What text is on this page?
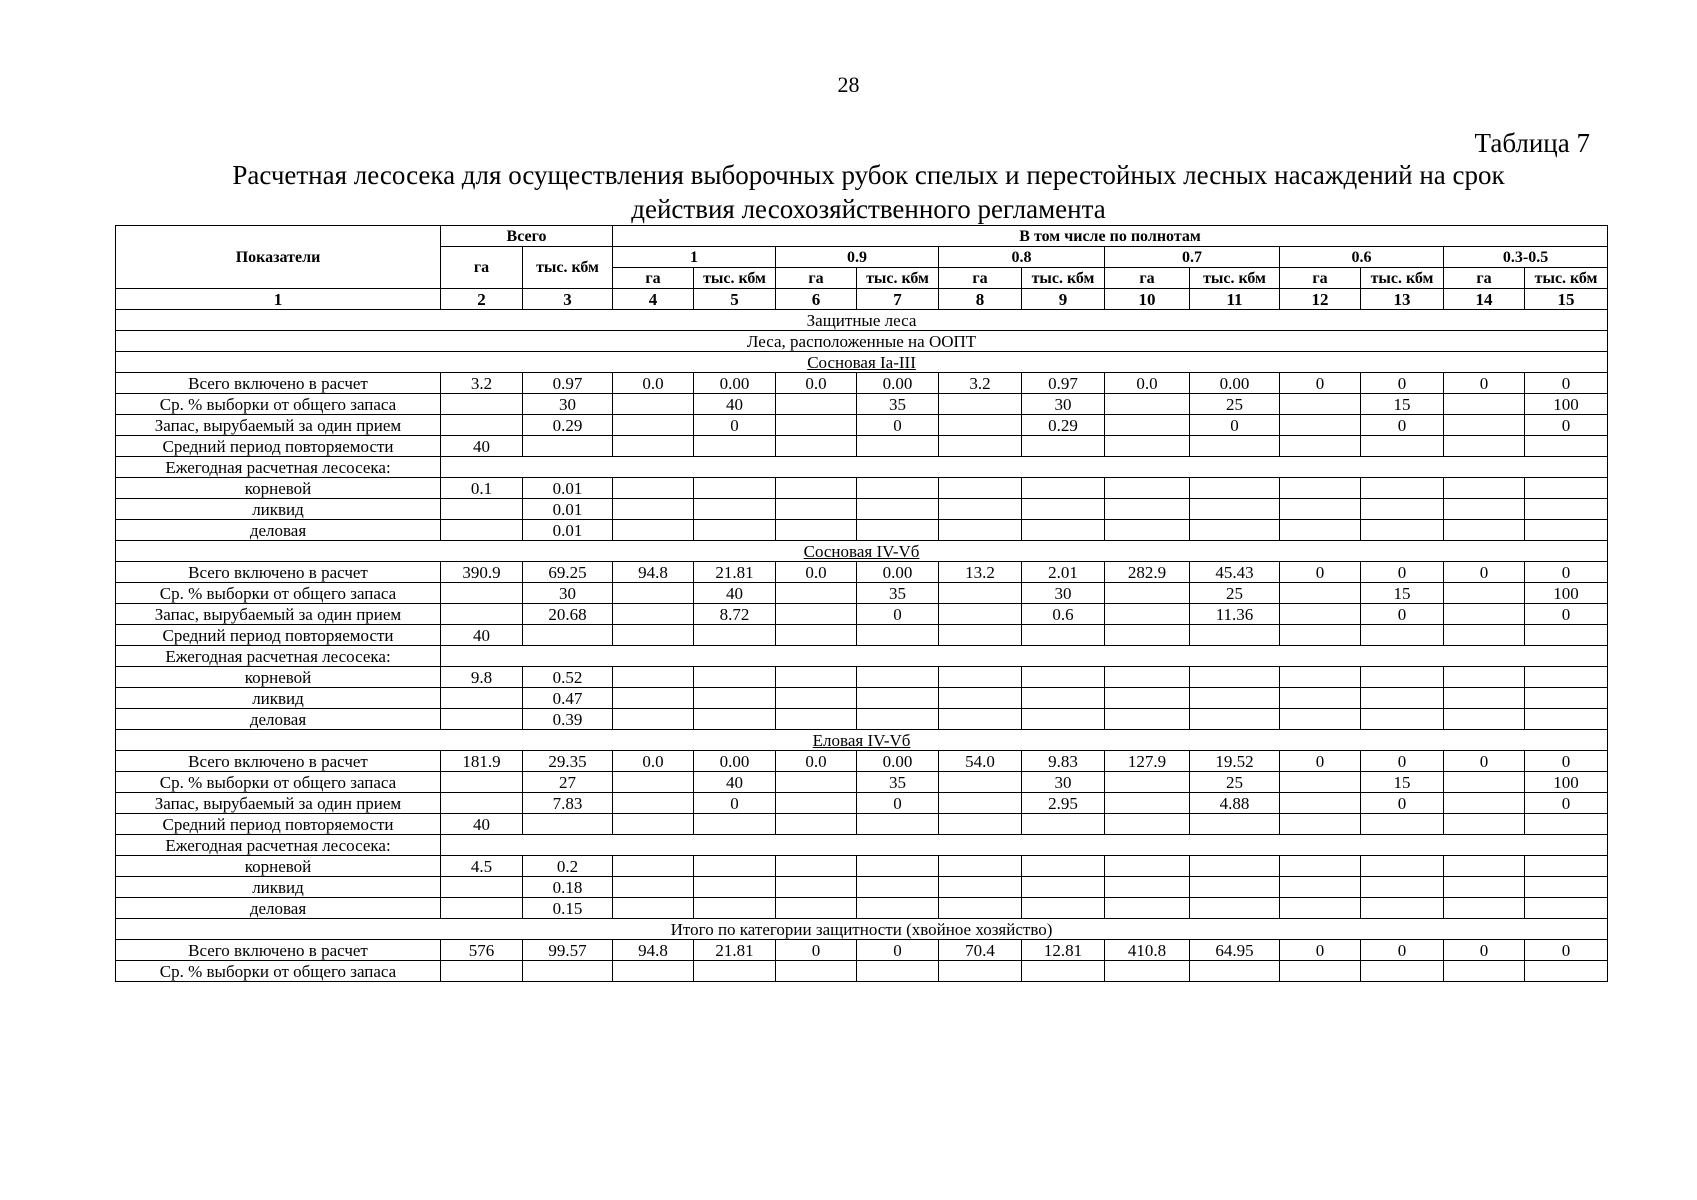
28
Таблица 7
Расчетная лесосека для осуществления выборочных рубок спелых и перестойных лесных насаждений на срок
действия лесохозяйственного регламента
Показатели	Всего		В том числе по полнотам											
	га	тыс. кбм	1		0.9		0.8		0.7		0.6		0.3-0.5	
			га	тыс. кбм	га	тыс. кбм	га	тыс. кбм	га	тыс. кбм	га	тыс. кбм	га	тыс. кбм
1	2	3	4	5	6	7	8	9	10	11	12	13	14	15
Защитные леса														
Леса, расположенные на ООПТ														
Сосновая Ia-III														
Всего включено в расчет	3.2	0.97	0.0	0.00	0.0	0.00	3.2	0.97	0.0	0.00	0	0	0	0
Ср. % выборки от общего запаса		30		40		35		30		25		15		100
Запас, вырубаемый за один прием		0.29		0		0		0.29		0		0		0
Средний период повторяемости	40													
Ежегодная расчетная лесосека:														
корневой	0.1	0.01												
ликвид		0.01												
деловая		0.01												
Сосновая IV-Vб														
Всего включено в расчет	390.9	69.25	94.8	21.81	0.0	0.00	13.2	2.01	282.9	45.43	0	0	0	0
Ср. % выборки от общего запаса		30		40		35		30		25		15		100
Запас, вырубаемый за один прием		20.68		8.72		0		0.6		11.36		0		0
Средний период повторяемости	40													
Ежегодная расчетная лесосека:														
корневой	9.8	0.52												
ликвид		0.47												
деловая		0.39												
Еловая IV-Vб														
Всего включено в расчет	181.9	29.35	0.0	0.00	0.0	0.00	54.0	9.83	127.9	19.52	0	0	0	0
Ср. % выборки от общего запаса		27		40		35		30		25		15		100
Запас, вырубаемый за один прием		7.83		0		0		2.95		4.88		0		0
Средний период повторяемости	40													
Ежегодная расчетная лесосека:														
корневой	4.5	0.2												
ликвид		0.18												
деловая		0.15												
Итого по категории защитности (хвойное хозяйство)														
Всего включено в расчет	576	99.57	94.8	21.81	0	0	70.4	12.81	410.8	64.95	0	0	0	0
Ср. % выборки от общего запаса														
